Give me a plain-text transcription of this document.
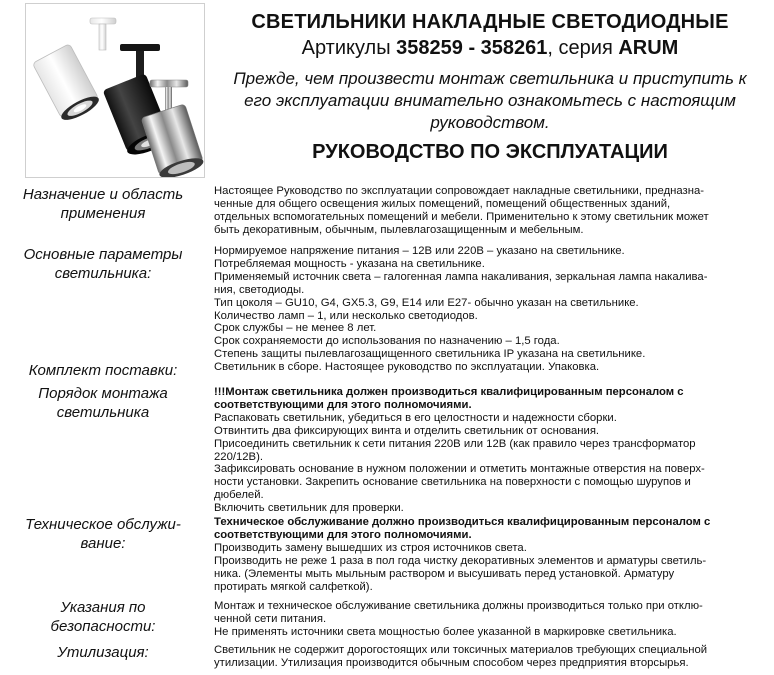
СВЕТИЛЬНИКИ НАКЛАДНЫЕ СВЕТОДИОДНЫЕ
Артикулы 358259 - 358261, серия ARUM
Прежде, чем произвести монтаж светильника и приступить к его эксплуатации внимательно ознакомьтесь с настоящим руководством.
РУКОВОДСТВО ПО ЭКСПЛУАТАЦИИ
Назначение и область применения

Настоящее Руководство по эксплуатации сопровождает накладные светильники, предназна-

ченные для общего освещения жилых помещений, помещений общественных зданий,

отдельных вспомогательных помещений и мебели. Применительно к этому светильник может

быть декоративным, обычным, пылевлагозащищенным и мебельным.

Основные параметры светильника:

Нормируемое напряжение питания – 12В или 220В – указано на светильнике.

Потребляемая мощность - указана на светильнике.

Применяемый источник света – галогенная лампа накаливания, зеркальная лампа накалива-

ния, светодиоды.

Тип цоколя – GU10, G4, GX5.3, G9, E14 или E27- обычно указан на светильнике.

Количество ламп – 1, или несколько светодиодов.

Срок службы – не менее 8 лет.

Срок сохраняемости до использования по назначению – 1,5 года.

Степень защиты пылевлагозащищенного светильника IP указана на светильнике.

Комплект поставки:	Светильник в сборе. Настоящее руководство по эксплуатации. Упаковка.

Порядок монтажа светильника

!!!Монтаж светильника должен производиться квалифицированным персоналом с

соответствующими для этого полномочиями.

Распаковать светильник, убедиться в его целостности и надежности сборки.

Отвинтить два фиксирующих винта и отделить светильник от основания.

Присоединить светильник к сети питания 220В или 12В (как правило через трансформатор

220/12В).

Зафиксировать основание в нужном положении и отметить монтажные отверстия на поверх-

ности установки. Закрепить основание светильника на поверхности с помощью шурупов и

дюбелей.

Включить светильник для проверки.

Техническое обслужи-вание:

Техническое обслуживание должно производиться квалифицированным персоналом с

соответствующими для этого полномочиями.

Производить замену вышедших из строя источников света.

Производить не реже 1 раза в пол года чистку декоративных элементов и арматуры светиль-

ника. (Элементы мыть мыльным раствором и высушивать перед установкой. Арматуру

протирать мягкой салфеткой).

Указания по безопасности:

Монтаж и техническое обслуживание светильника должны производиться только при отклю-

ченной сети питания.

Не применять источники света мощностью более указанной в маркировке светильника.

Утилизация:	Светильник не содержит дорогостоящих или токсичных материалов требующих специальной

утилизации. Утилизация производится обычным способом через предприятия вторсырья.
